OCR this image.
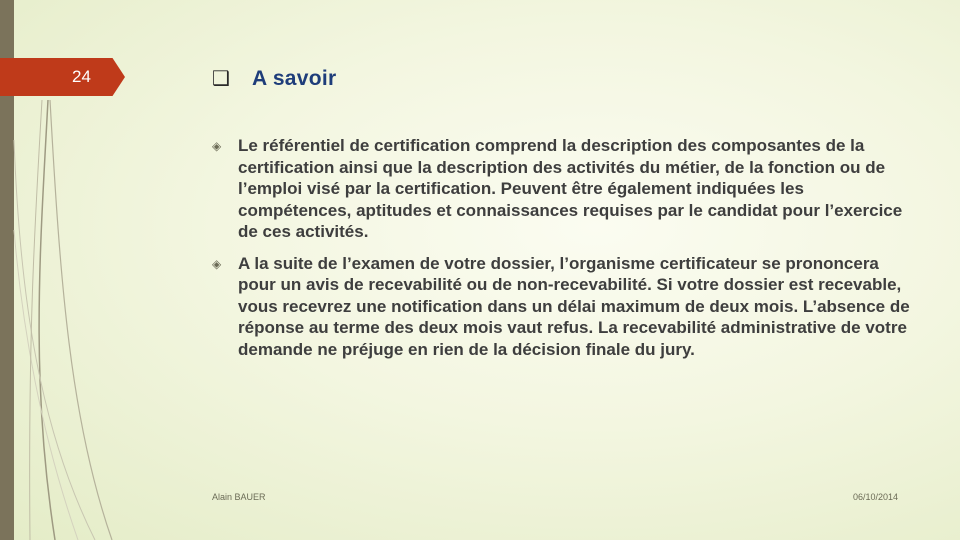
24	❑	A savoir
◈ Le référentiel de certification comprend la description des composantes de la certification ainsi que la description des activités du métier, de la fonction ou de l’emploi visé par la certification. Peuvent être également indiquées les compétences, aptitudes et connaissances requises par le candidat pour l’exercice de ces activités.
◈ A la suite de l’examen de votre dossier, l’organisme certificateur se prononcera pour un avis de recevabilité ou de non-recevabilité. Si votre dossier est recevable, vous recevrez une notification dans un délai maximum de deux mois. L’absence de réponse au terme des deux mois vaut refus. La recevabilité administrative de votre demande ne préjuge en rien de la décision finale du jury.
Alain BAUER	06/10/2014
